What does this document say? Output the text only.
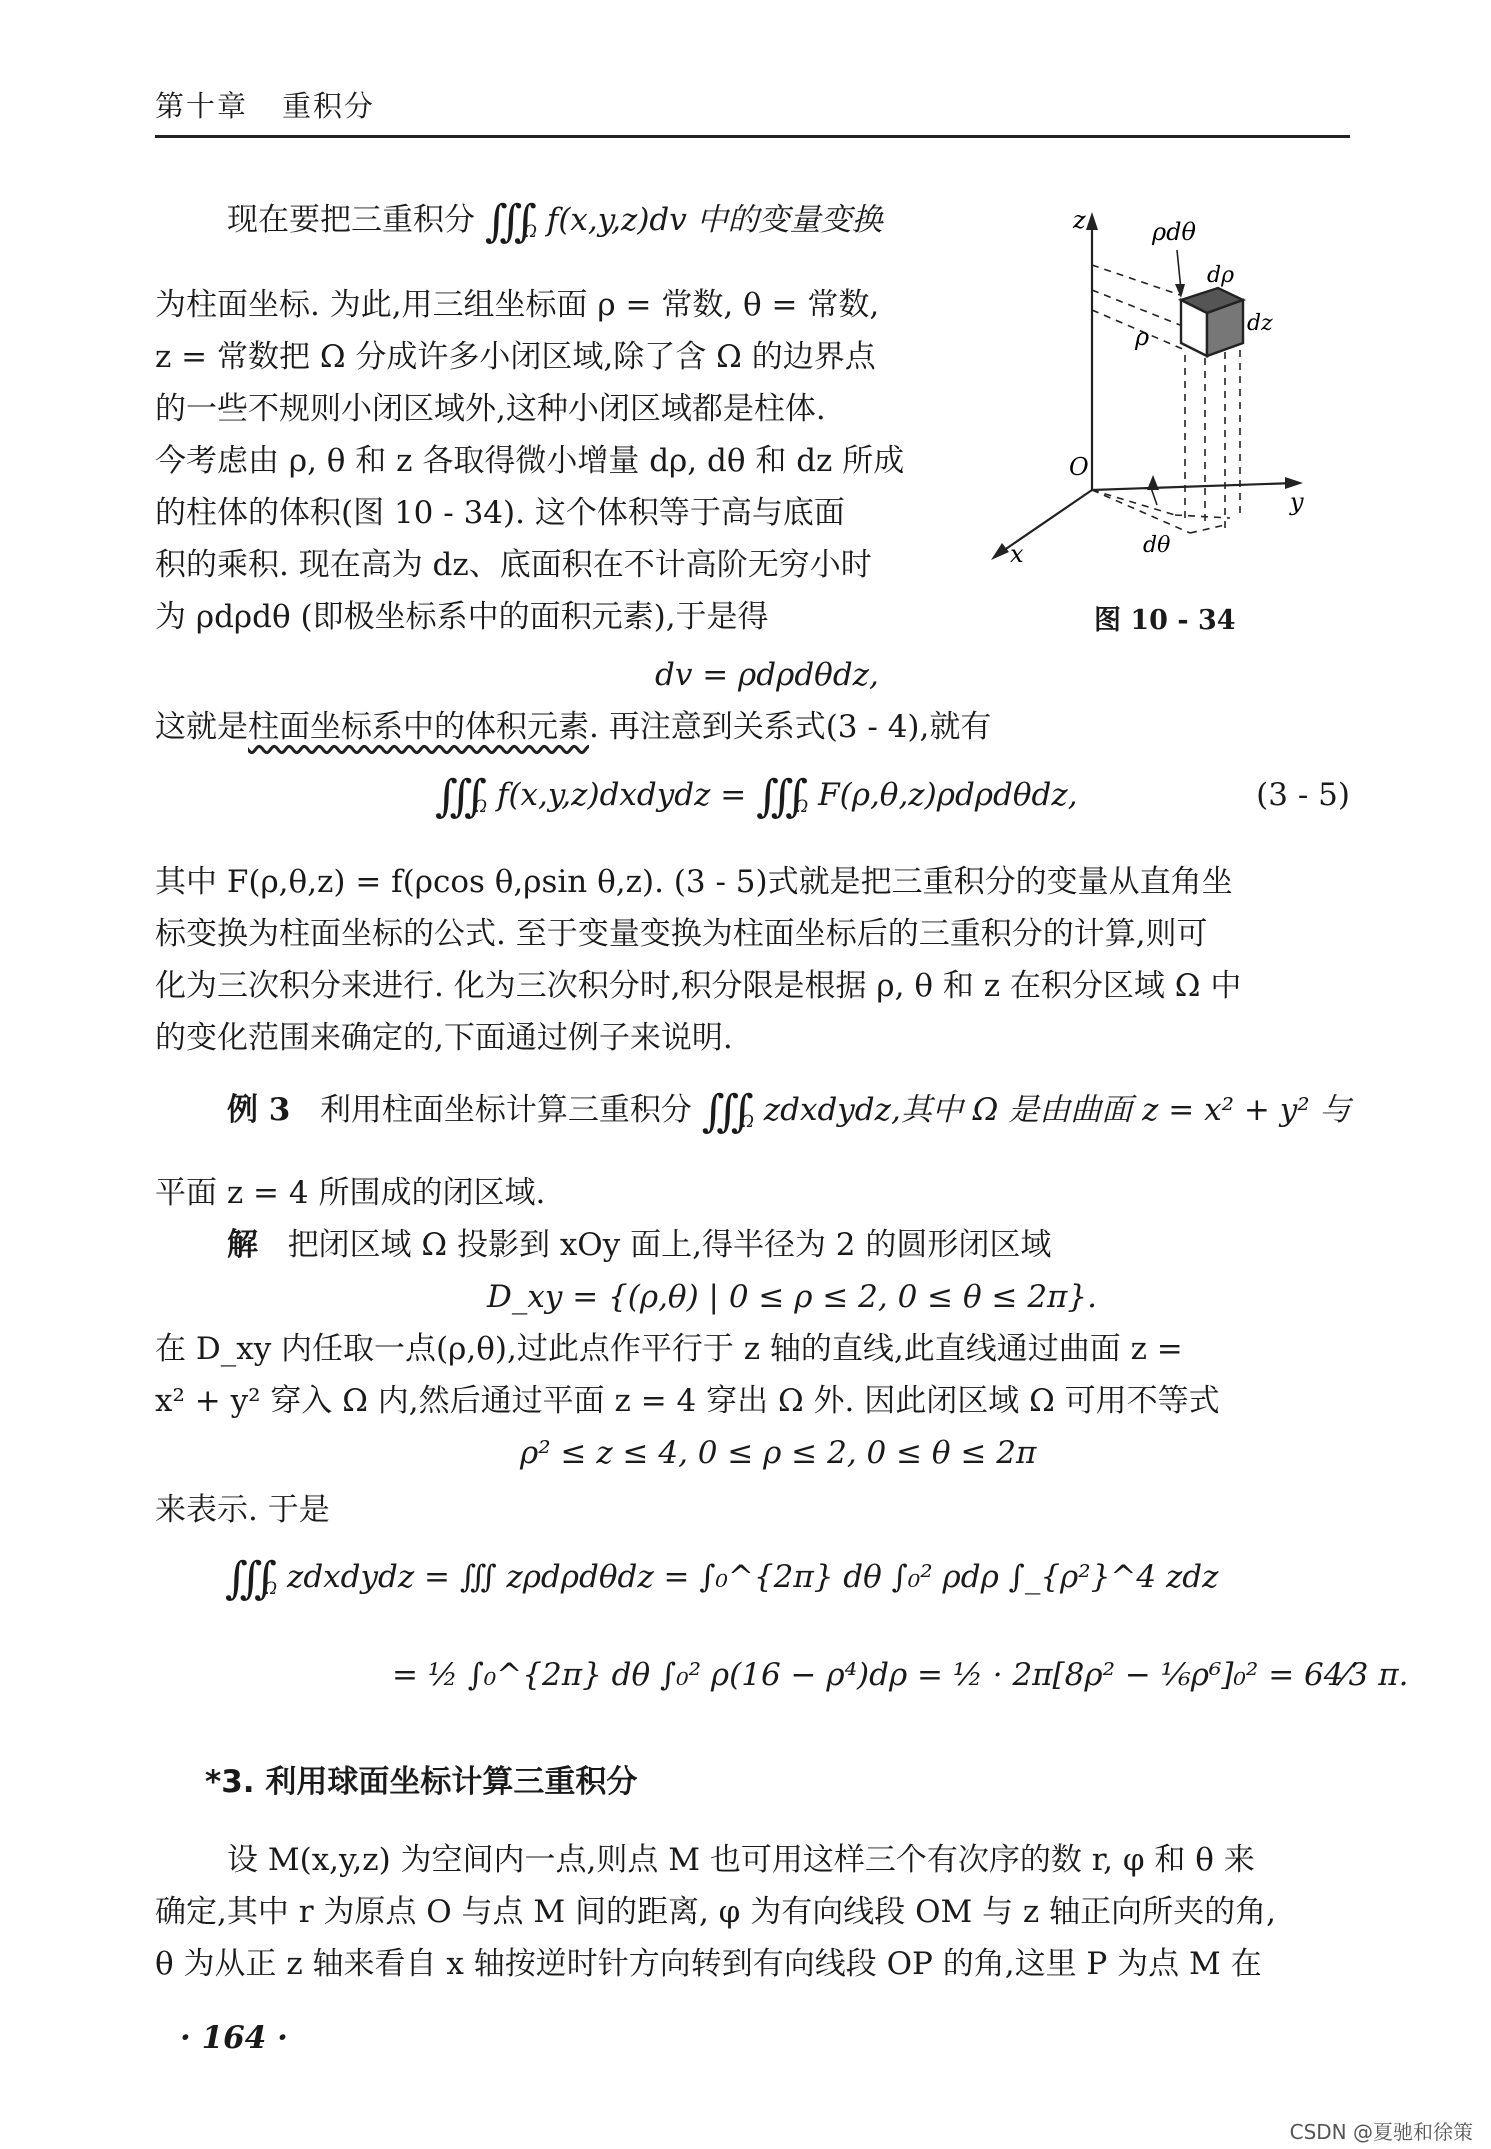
第十章 重积分
z	ρdθ
dρ
dz
ρ
O
y
x	dθ
图 10 - 34
现在要把三重积分 $∭_\Omega$ f(x,y,z)dv 中的变量变换
为柱面坐标. 为此,用三组坐标面 ρ = 常数, θ = 常数,
z = 常数把 Ω 分成许多小闭区域,除了含 Ω 的边界点
的一些不规则小闭区域外,这种小闭区域都是柱体.
今考虑由 ρ, θ 和 z 各取得微小增量 dρ, dθ 和 dz 所成
的柱体的体积(图 10 - 34). 这个体积等于高与底面
积的乘积. 现在高为 dz、底面积在不计高阶无穷小时
为 ρdρdθ (即极坐标系中的面积元素),于是得
dv = ρdρdθdz,
这就是柱面坐标系中的体积元素. 再注意到关系式(3 - 4),就有
$∭_\Omega$ f(x,y,z)dxdydz = $∭_\Omega$ F(ρ,θ,z)ρdρdθdz,	(3 - 5)
其中 F(ρ,θ,z) = f(ρcos θ,ρsin θ,z). (3 - 5)式就是把三重积分的变量从直角坐
标变换为柱面坐标的公式. 至于变量变换为柱面坐标后的三重积分的计算,则可
化为三次积分来进行. 化为三次积分时,积分限是根据 ρ, θ 和 z 在积分区域 Ω 中
的变化范围来确定的,下面通过例子来说明.
例 3 利用柱面坐标计算三重积分 $∭_\Omega$ zdxdydz,其中 Ω 是由曲面 z = x² + y² 与
平面 z = 4 所围成的闭区域.
解 把闭区域 Ω 投影到 xOy 面上,得半径为 2 的圆形闭区域
D_xy = {(ρ,θ) | 0 ≤ ρ ≤ 2, 0 ≤ θ ≤ 2π}.
在 D_xy 内任取一点(ρ,θ),过此点作平行于 z 轴的直线,此直线通过曲面 z =
x² + y² 穿入 Ω 内,然后通过平面 z = 4 穿出 Ω 外. 因此闭区域 Ω 可用不等式
ρ² ≤ z ≤ 4, 0 ≤ ρ ≤ 2, 0 ≤ θ ≤ 2π
来表示. 于是
$∭_\Omega$ zdxdydz = ∭ zρdρdθdz = ∫₀^{2π} dθ ∫₀² ρdρ ∫_{ρ²}^4 zdz
= ½ ∫₀^{2π} dθ ∫₀² ρ(16 − ρ⁴)dρ = ½ · 2π[8ρ² − ⅙ρ⁶]₀² = 64⁄3 π.
*3. 利用球面坐标计算三重积分
设 M(x,y,z) 为空间内一点,则点 M 也可用这样三个有次序的数 r, φ 和 θ 来
确定,其中 r 为原点 O 与点 M 间的距离, φ 为有向线段 OM 与 z 轴正向所夹的角,
θ 为从正 z 轴来看自 x 轴按逆时针方向转到有向线段 OP 的角,这里 P 为点 M 在
· 164 ·
CSDN @夏驰和徐策
